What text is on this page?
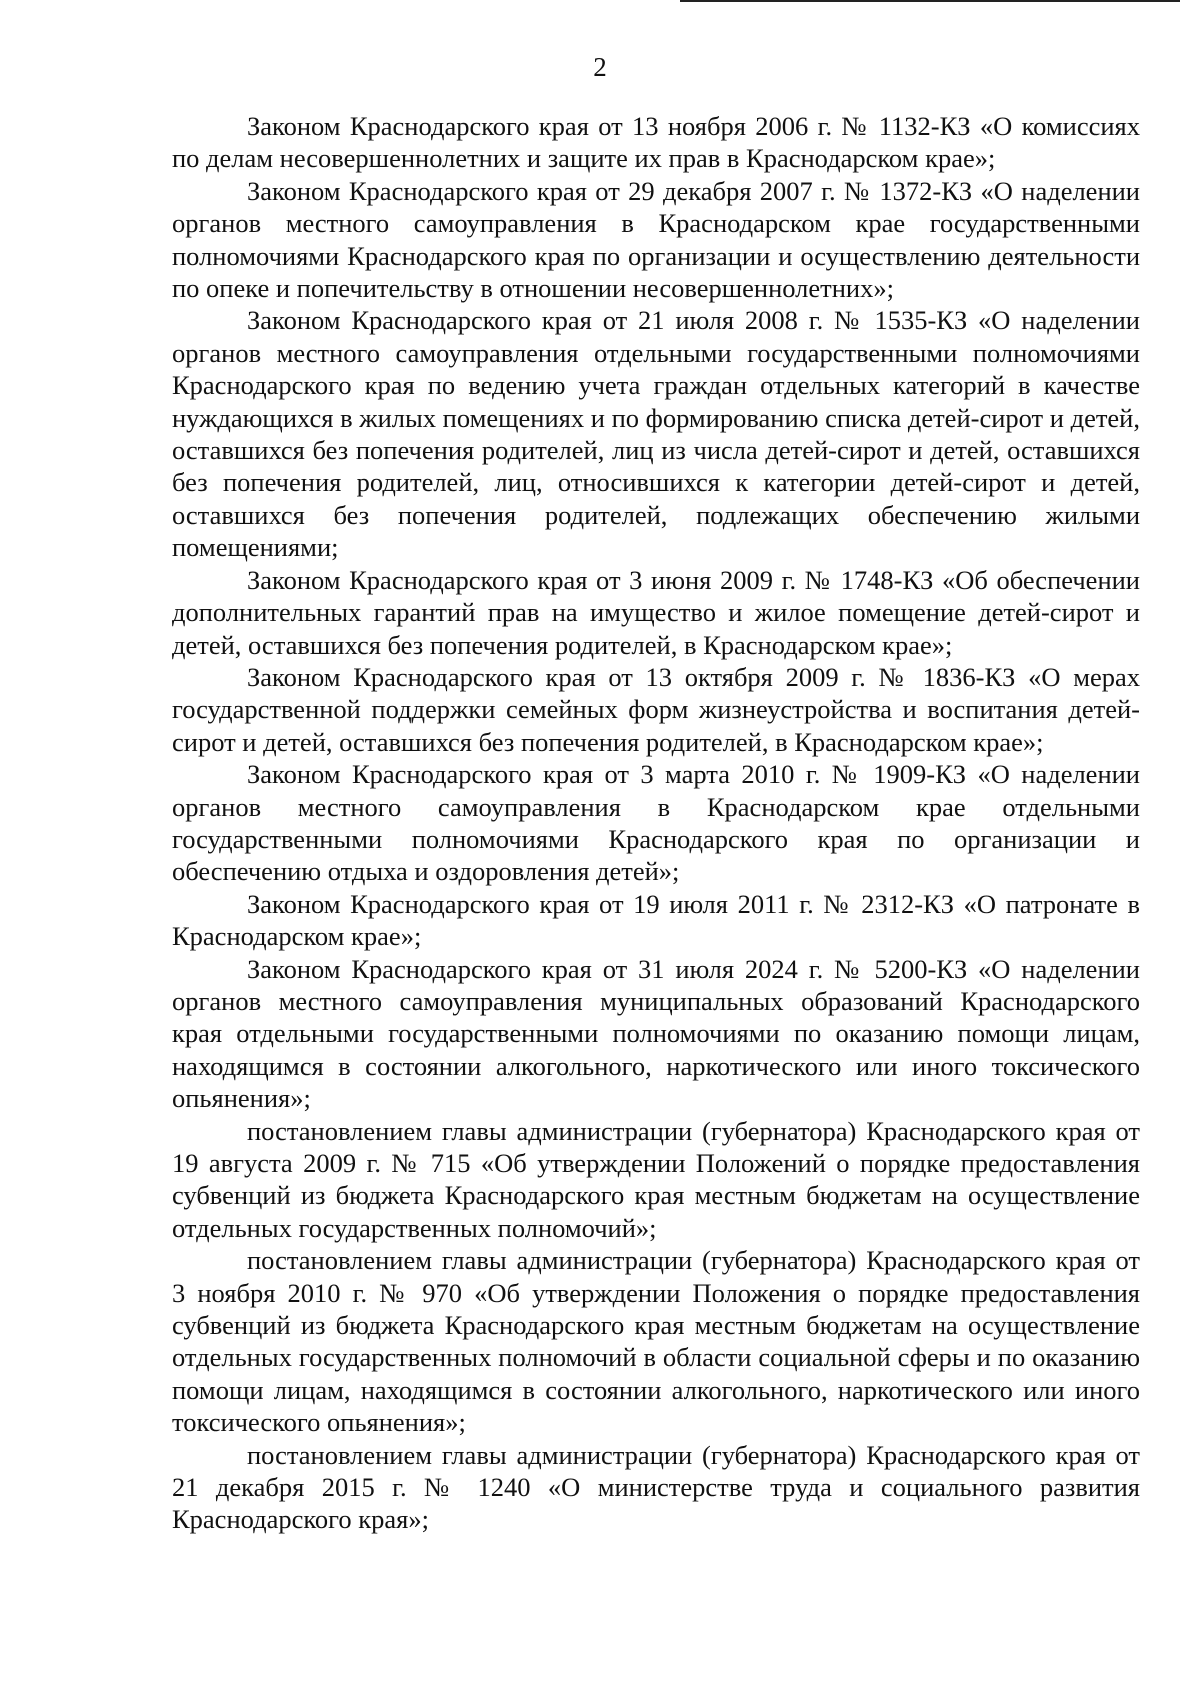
2

Законом Краснодарского края от 13 ноября 2006 г. № 1132-КЗ «О комиссиях по делам несовершеннолетних и защите их прав в Краснодарском крае»;

Законом Краснодарского края от 29 декабря 2007 г. № 1372-КЗ «О наделении органов местного самоуправления в Краснодарском крае государственными полномочиями Краснодарского края по организации и осуществлению деятельности по опеке и попечительству в отношении несовершеннолетних»;

Законом Краснодарского края от 21 июля 2008 г. № 1535-КЗ «О наделении органов местного самоуправления отдельными государственными полномочиями Краснодарского края по ведению учета граждан отдельных категорий в качестве нуждающихся в жилых помещениях и по формированию списка детей-сирот и детей, оставшихся без попечения родителей, лиц из числа детей-сирот и детей, оставшихся без попечения родителей, лиц, относившихся к категории детей-сирот и детей, оставшихся без попечения родителей, подлежащих обеспечению жилыми помещениями;

Законом Краснодарского края от 3 июня 2009 г. № 1748-КЗ «Об обеспечении дополнительных гарантий прав на имущество и жилое помещение детей-сирот и детей, оставшихся без попечения родителей, в Краснодарском крае»;

Законом Краснодарского края от 13 октября 2009 г. № 1836-КЗ «О мерах государственной поддержки семейных форм жизнеустройства и воспитания детей-сирот и детей, оставшихся без попечения родителей, в Краснодарском крае»;

Законом Краснодарского края от 3 марта 2010 г. № 1909-КЗ «О наделении органов местного самоуправления в Краснодарском крае отдельными государственными полномочиями Краснодарского края по организации и обеспечению отдыха и оздоровления детей»;

Законом Краснодарского края от 19 июля 2011 г. № 2312-КЗ «О патронате в Краснодарском крае»;

Законом Краснодарского края от 31 июля 2024 г. № 5200-КЗ «О наделении органов местного самоуправления муниципальных образований Краснодарского края отдельными государственными полномочиями по оказанию помощи лицам, находящимся в состоянии алкогольного, наркотического или иного токсического опьянения»;

постановлением главы администрации (губернатора) Краснодарского края от 19 августа 2009 г. № 715 «Об утверждении Положений о порядке предоставления субвенций из бюджета Краснодарского края местным бюджетам на осуществление отдельных государственных полномочий»;

постановлением главы администрации (губернатора) Краснодарского края от 3 ноября 2010 г. № 970 «Об утверждении Положения о порядке предоставления субвенций из бюджета Краснодарского края местным бюджетам на осуществление отдельных государственных полномочий в области социальной сферы и по оказанию помощи лицам, находящимся в состоянии алкогольного, наркотического или иного токсического опьянения»;

постановлением главы администрации (губернатора) Краснодарского края от 21 декабря 2015 г. № 1240 «О министерстве труда и социального развития Краснодарского края»;
